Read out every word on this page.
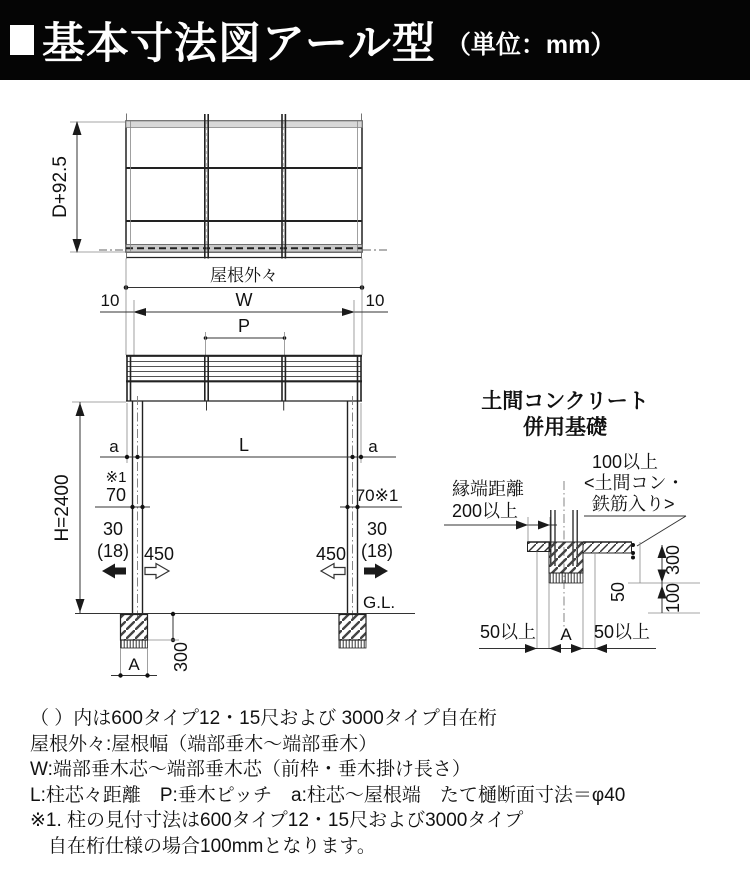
基本寸法図アール型 （単位：mm）
D+92.5
屋根外々
10	W	10
P
H=2400
a	L	a
※1
70	70※1
30
(18) 450	450
30
(18)
G.L.
A 300
土間コンクリート
併用基礎
縁端距離
200以上
100以上
<土間コン・
鉄筋入り>
50以上 A 50以上
50
300
100
（ ）内は600タイプ12・15尺および 3000タイプ自在桁
屋根外々:屋根幅（端部垂木～端部垂木）
W:端部垂木芯～端部垂木芯（前枠・垂木掛け長さ）
L:柱芯々距離　P:垂木ピッチ　a:柱芯～屋根端　たて樋断面寸法＝φ40
※1. 柱の見付寸法は600タイプ12・15尺および3000タイプ
自在桁仕様の場合100mmとなります。
